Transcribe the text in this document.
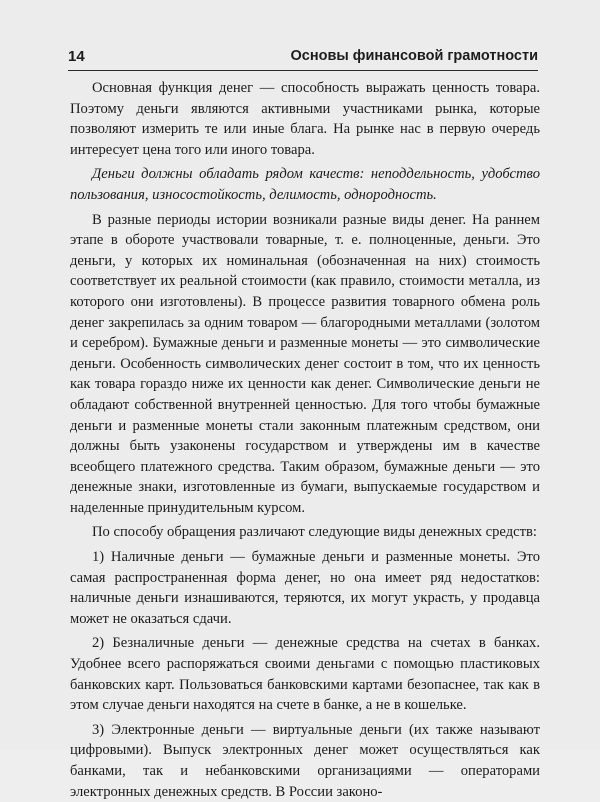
14	Основы финансовой грамотности

Основная функция денег — способность выражать ценность товара. Поэтому деньги являются активными участниками рынка, которые позволяют измерить те или иные блага. На рынке нас в первую очередь интересует цена того или иного товара.

Деньги должны обладать рядом качеств: неподдельность, удобство пользования, износостойкость, делимость, однородность.

В разные периоды истории возникали разные виды денег. На раннем этапе в обороте участвовали товарные, т. е. полноценные, деньги. Это деньги, у которых их номинальная (обозначенная на них) стоимость соответствует их реальной стоимости (как правило, стоимости металла, из которого они изготовлены). В процессе развития товарного обмена роль денег закрепилась за одним товаром — благородными металлами (золотом и серебром). Бумажные деньги и разменные монеты — это символические деньги. Особенность символических денег состоит в том, что их ценность как товара гораздо ниже их ценности как денег. Символические деньги не обладают собственной внутренней ценностью. Для того чтобы бумажные деньги и разменные монеты стали законным платежным средством, они должны быть узаконены государством и утверждены им в качестве всеобщего платежного средства. Таким образом, бумажные деньги — это денежные знаки, изготовленные из бумаги, выпускаемые государством и наделенные принудительным курсом.

По способу обращения различают следующие виды денежных средств:

1) Наличные деньги — бумажные деньги и разменные монеты. Это самая распространенная форма денег, но она имеет ряд недостатков: наличные деньги изнашиваются, теряются, их могут украсть, у продавца может не оказаться сдачи.

2) Безналичные деньги — денежные средства на счетах в банках. Удобнее всего распоряжаться своими деньгами с помощью пластиковых банковских карт. Пользоваться банковскими картами безопаснее, так как в этом случае деньги находятся на счете в банке, а не в кошельке.

3) Электронные деньги — виртуальные деньги (их также называют цифровыми). Выпуск электронных денег может осуществляться как банками, так и небанковскими организациями — операторами электронных денежных средств. В России законо-
